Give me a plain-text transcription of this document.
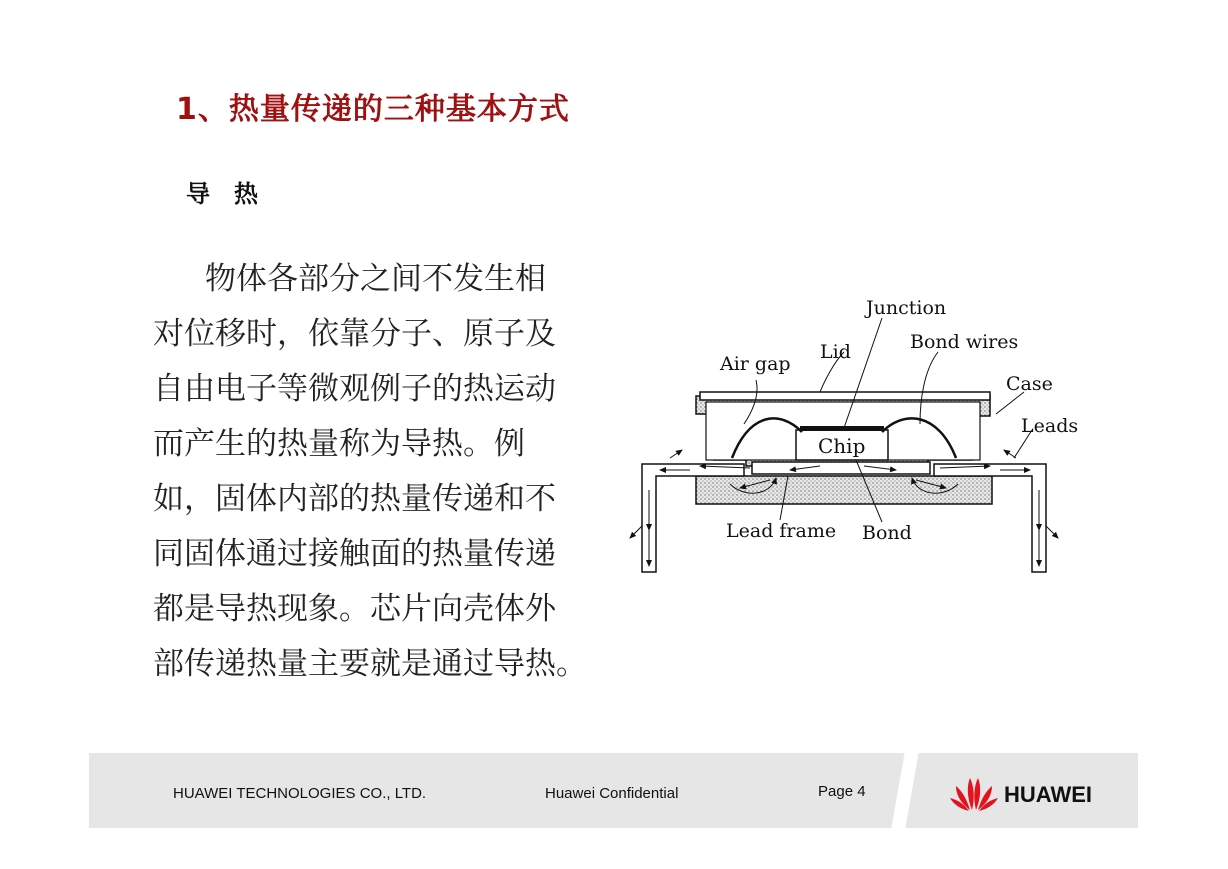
1、热量传递的三种基本方式
导　热
物体各部分之间不发生相
对位移时，依靠分子、原子及
自由电子等微观例子的热运动
而产生的热量称为导热。例
如，固体内部的热量传递和不
同固体通过接触面的热量传递
都是导热现象。芯片向壳体外
部传递热量主要就是通过导热。
Junction
Lid
Air gap
Bond wires
Case
Leads
Chip
Lead frame Bond
HUAWEI TECHNOLOGIES CO., LTD.	Huawei Confidential	Page 4	HUAWEI
